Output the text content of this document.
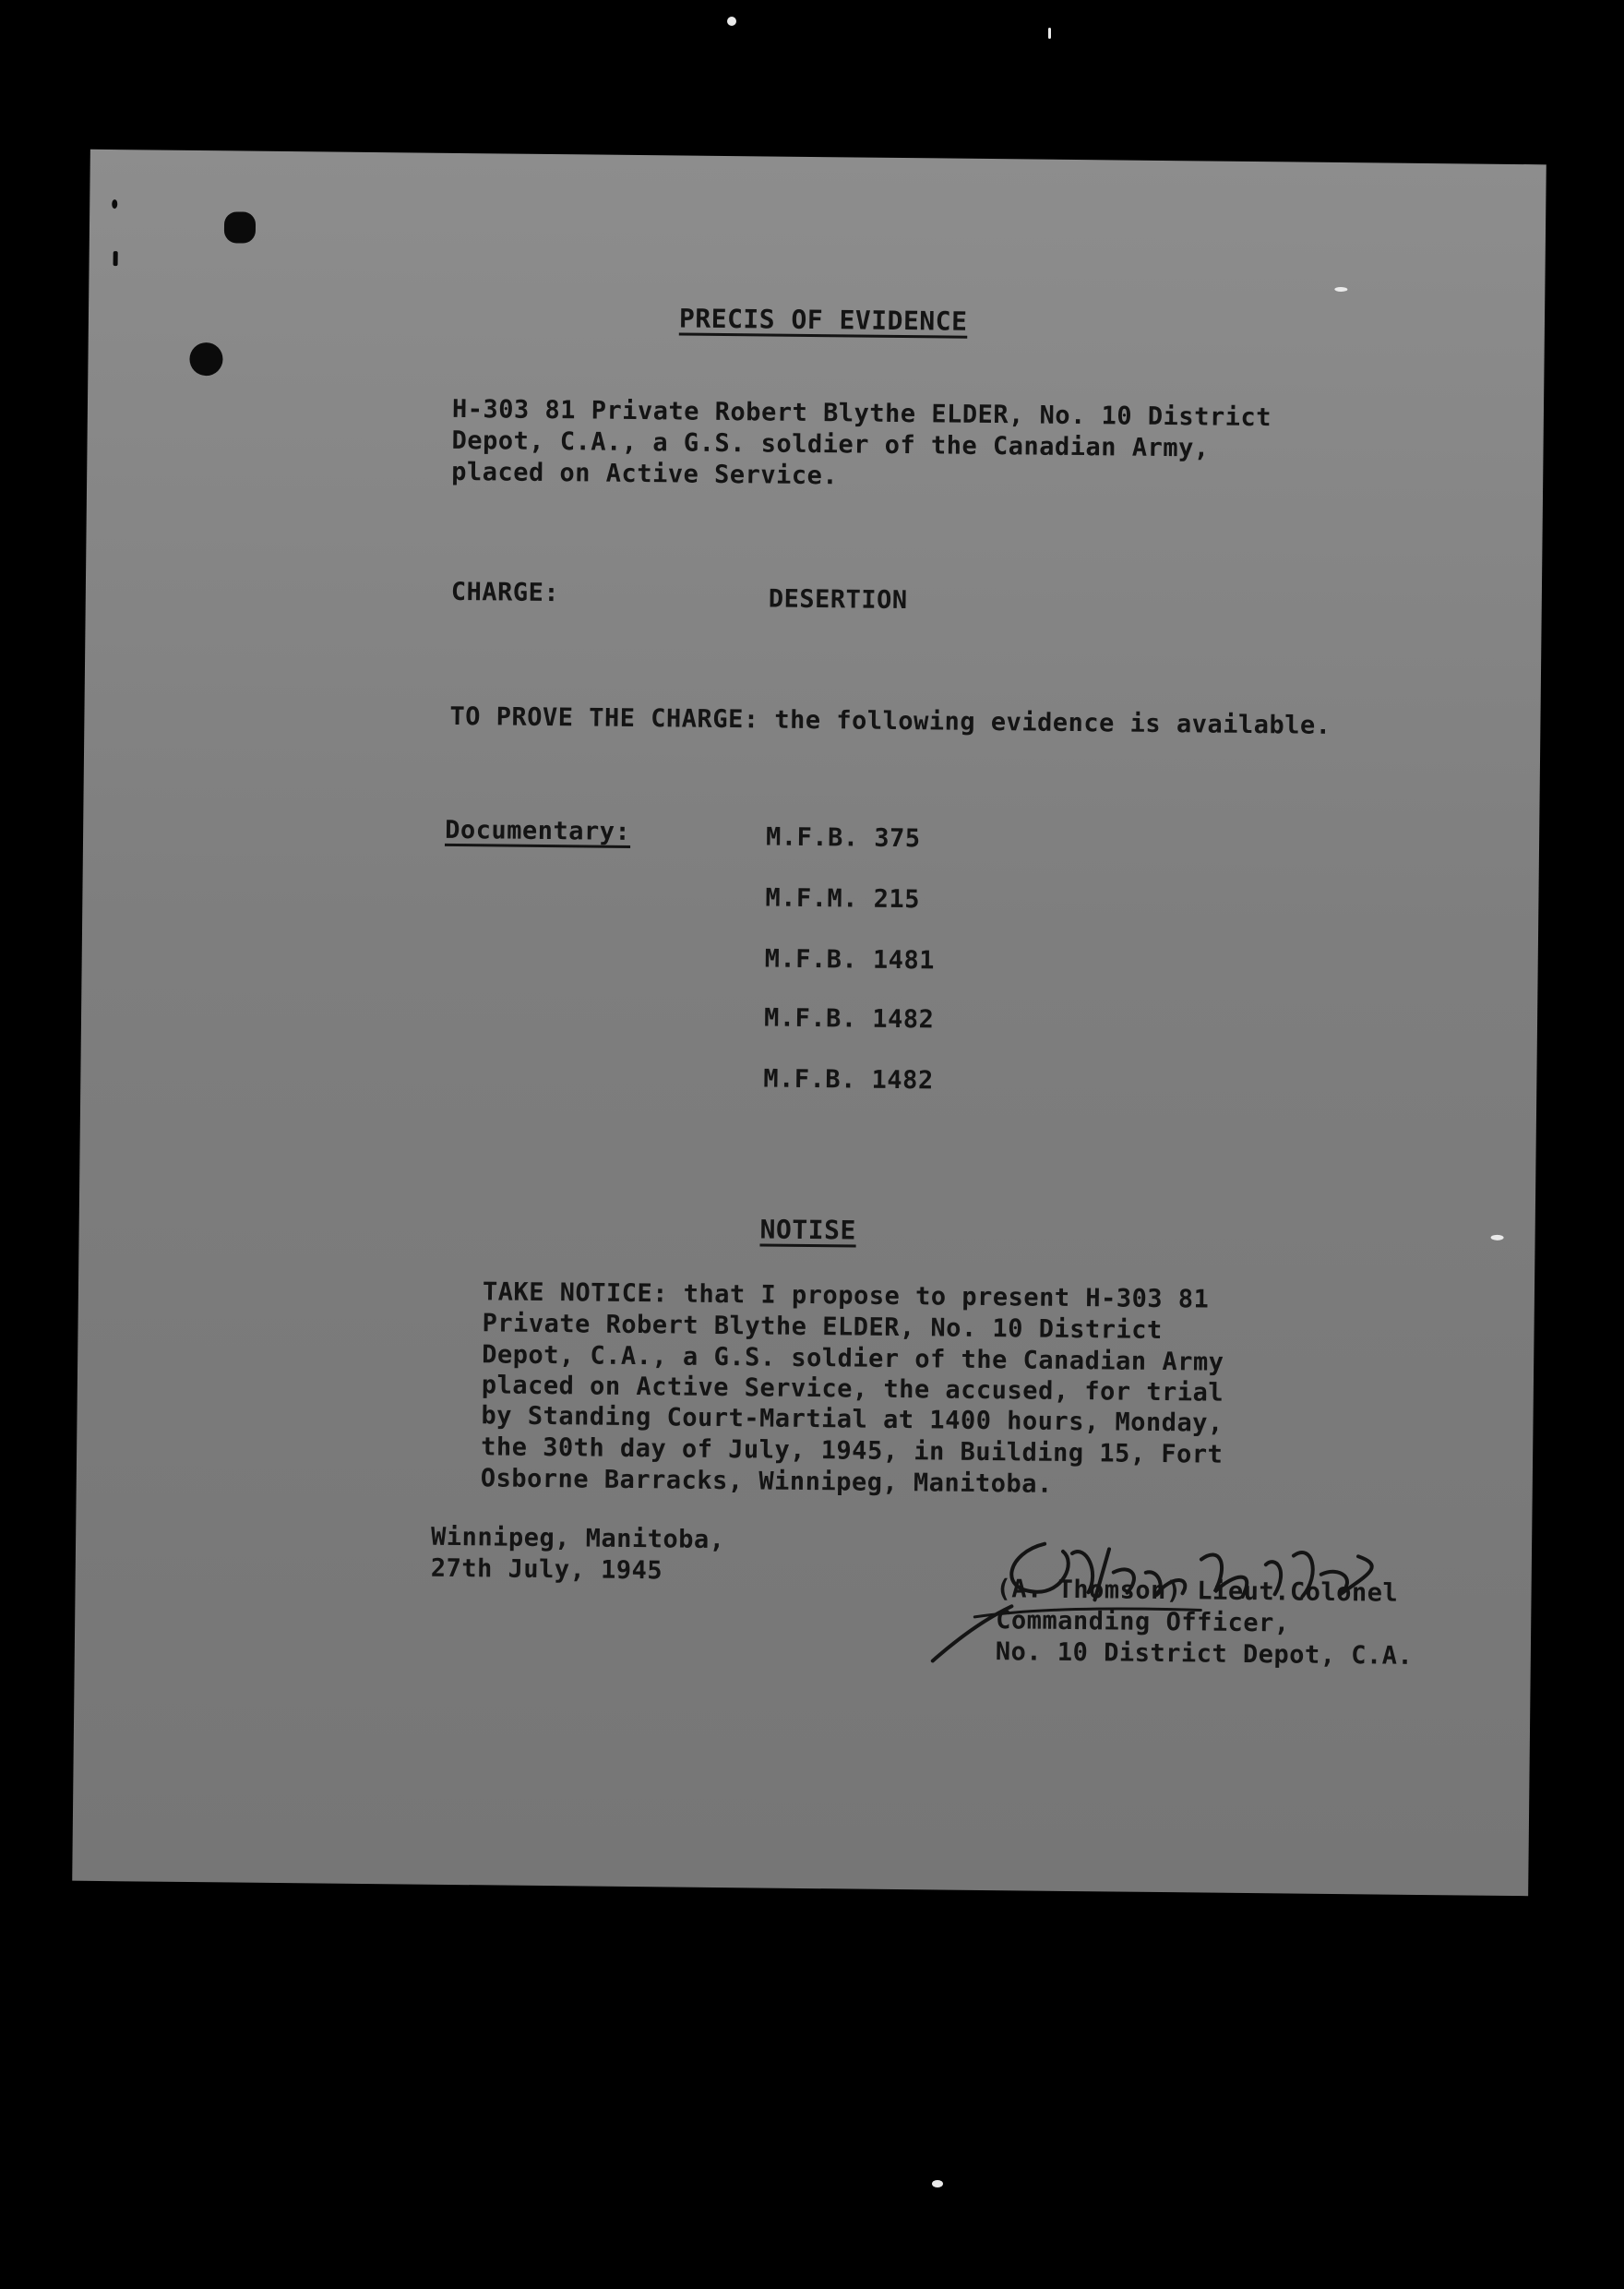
PRECIS OF EVIDENCE

H-303 81 Private Robert Blythe ELDER, No. 10 District

Depot, C.A., a G.S. soldier of the Canadian Army,

placed on Active Service.

CHARGE:	DESERTION
TO PROVE THE CHARGE: the following evidence is available.
Documentary:

	M.F.B. 375

M.F.M. 215

M.F.B. 1481

M.F.B. 1482

M.F.B. 1482

NOTISE

TAKE NOTICE: that I propose to present H-303 81

Private Robert Blythe ELDER, No. 10 District

Depot, C.A., a G.S. soldier of the Canadian Army

placed on Active Service, the accused, for trial

by Standing Court-Martial at 1400 hours, Monday,

the 30th day of July, 1945, in Building 15, Fort

Osborne Barracks, Winnipeg, Manitoba.

Winnipeg, Manitoba,

27th July, 1945

(A. Thomson) Lieut.Colonel

Commanding Officer,

No. 10 District Depot, C.A.
